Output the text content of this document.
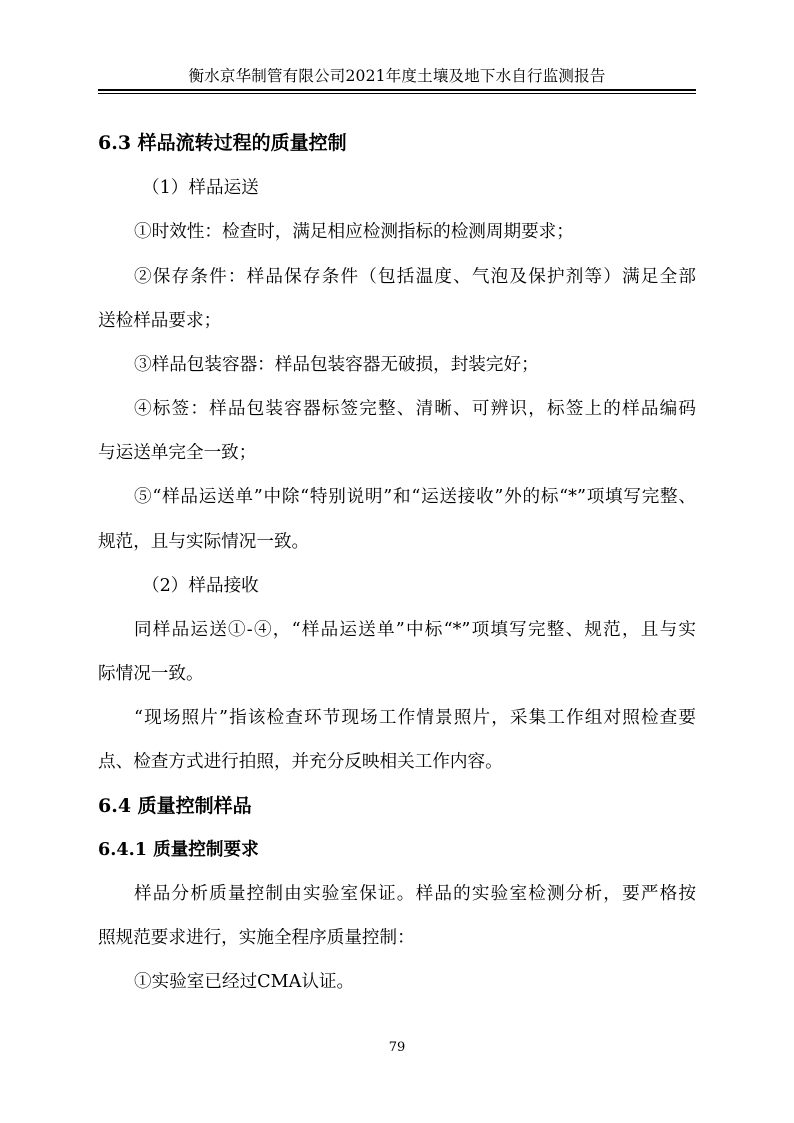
衡水京华制管有限公司2021年度土壤及地下水自行监测报告
6.3 样品流转过程的质量控制
（1）样品运送
①时效性：检查时，满足相应检测指标的检测周期要求；
②保存条件：样品保存条件（包括温度、气泡及保护剂等）满足全部
送检样品要求；
③样品包装容器：样品包装容器无破损，封装完好；
④标签：样品包装容器标签完整、清晰、可辨识，标签上的样品编码
与运送单完全一致；
⑤“样品运送单”中除“特别说明”和“运送接收”外的标“*”项填写完整、
规范，且与实际情况一致。
（2）样品接收
同样品运送①-④，“样品运送单”中标“*”项填写完整、规范，且与实
际情况一致。
“现场照片”指该检查环节现场工作情景照片，采集工作组对照检查要
点、检查方式进行拍照，并充分反映相关工作内容。
6.4 质量控制样品
6.4.1 质量控制要求
样品分析质量控制由实验室保证。样品的实验室检测分析，要严格按
照规范要求进行，实施全程序质量控制：
①实验室已经过CMA认证。
79
